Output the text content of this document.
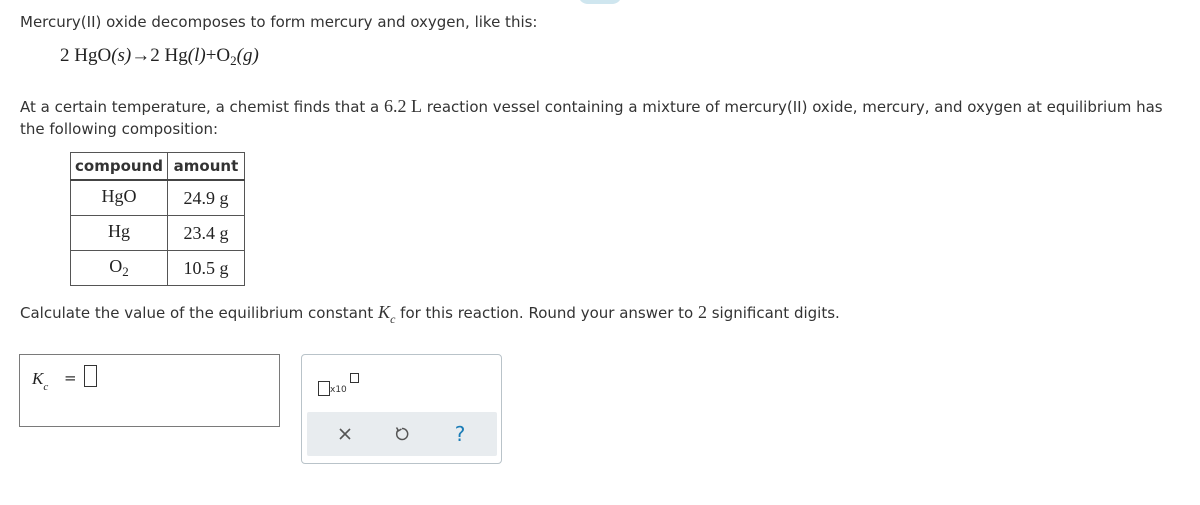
Mercury(II) oxide decomposes to form mercury and oxygen, like this:
2 HgO(s)→2 $Hg(l)+O_2(g)$
At a certain temperature, a chemist finds that a 6.2 L reaction vessel containing a mixture of mercury(II) oxide, mercury, and oxygen at equilibrium has the following composition:
compound	amount
HgO	24.9 g
Hg	23.4 g
$O_2$	10.5 g
Calculate the value of the equilibrium constant $K_c$ for this reaction. Round your answer to 2 significant digits.
$K_c$ =
x10
?
